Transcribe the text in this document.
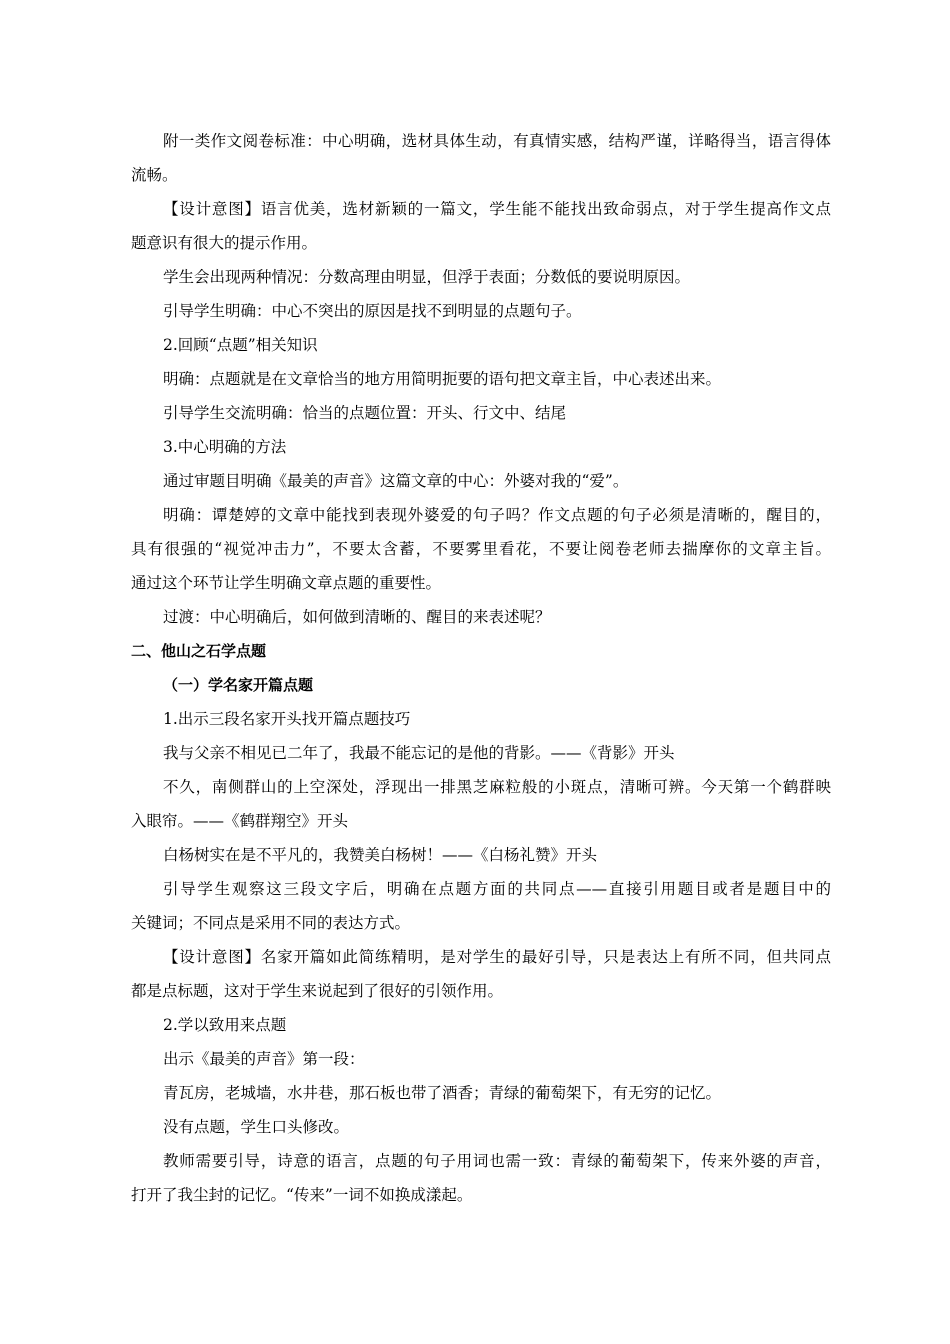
附一类作文阅卷标准：中心明确，选材具体生动，有真情实感，结构严谨，详略得当，语言得体
流畅。
【设计意图】语言优美，选材新颖的一篇文，学生能不能找出致命弱点，对于学生提高作文点
题意识有很大的提示作用。
学生会出现两种情况：分数高理由明显，但浮于表面；分数低的要说明原因。
引导学生明确：中心不突出的原因是找不到明显的点题句子。
2.回顾“点题”相关知识
明确：点题就是在文章恰当的地方用简明扼要的语句把文章主旨，中心表述出来。
引导学生交流明确：恰当的点题位置：开头、行文中、结尾
3.中心明确的方法
通过审题目明确《最美的声音》这篇文章的中心：外婆对我的“爱”。
明确：谭楚婷的文章中能找到表现外婆爱的句子吗？作文点题的句子必须是清晰的，醒目的，
具有很强的“视觉冲击力”，不要太含蓄，不要雾里看花，不要让阅卷老师去揣摩你的文章主旨。
通过这个环节让学生明确文章点题的重要性。
过渡：中心明确后，如何做到清晰的、醒目的来表述呢？
二、他山之石学点题
（一）学名家开篇点题
1.出示三段名家开头找开篇点题技巧
我与父亲不相见已二年了，我最不能忘记的是他的背影。——《背影》开头
不久，南侧群山的上空深处，浮现出一排黑芝麻粒般的小斑点，清晰可辨。今天第一个鹤群映
入眼帘。——《鹤群翔空》开头
白杨树实在是不平凡的，我赞美白杨树！——《白杨礼赞》开头
引导学生观察这三段文字后，明确在点题方面的共同点——直接引用题目或者是题目中的
关键词；不同点是采用不同的表达方式。
【设计意图】名家开篇如此简练精明，是对学生的最好引导，只是表达上有所不同，但共同点
都是点标题，这对于学生来说起到了很好的引领作用。
2.学以致用来点题
出示《最美的声音》第一段：
青瓦房，老城墙，水井巷，那石板也带了酒香；青绿的葡萄架下，有无穷的记忆。
没有点题，学生口头修改。
教师需要引导，诗意的语言，点题的句子用词也需一致：青绿的葡萄架下，传来外婆的声音，
打开了我尘封的记忆。“传来”一词不如换成漾起。
